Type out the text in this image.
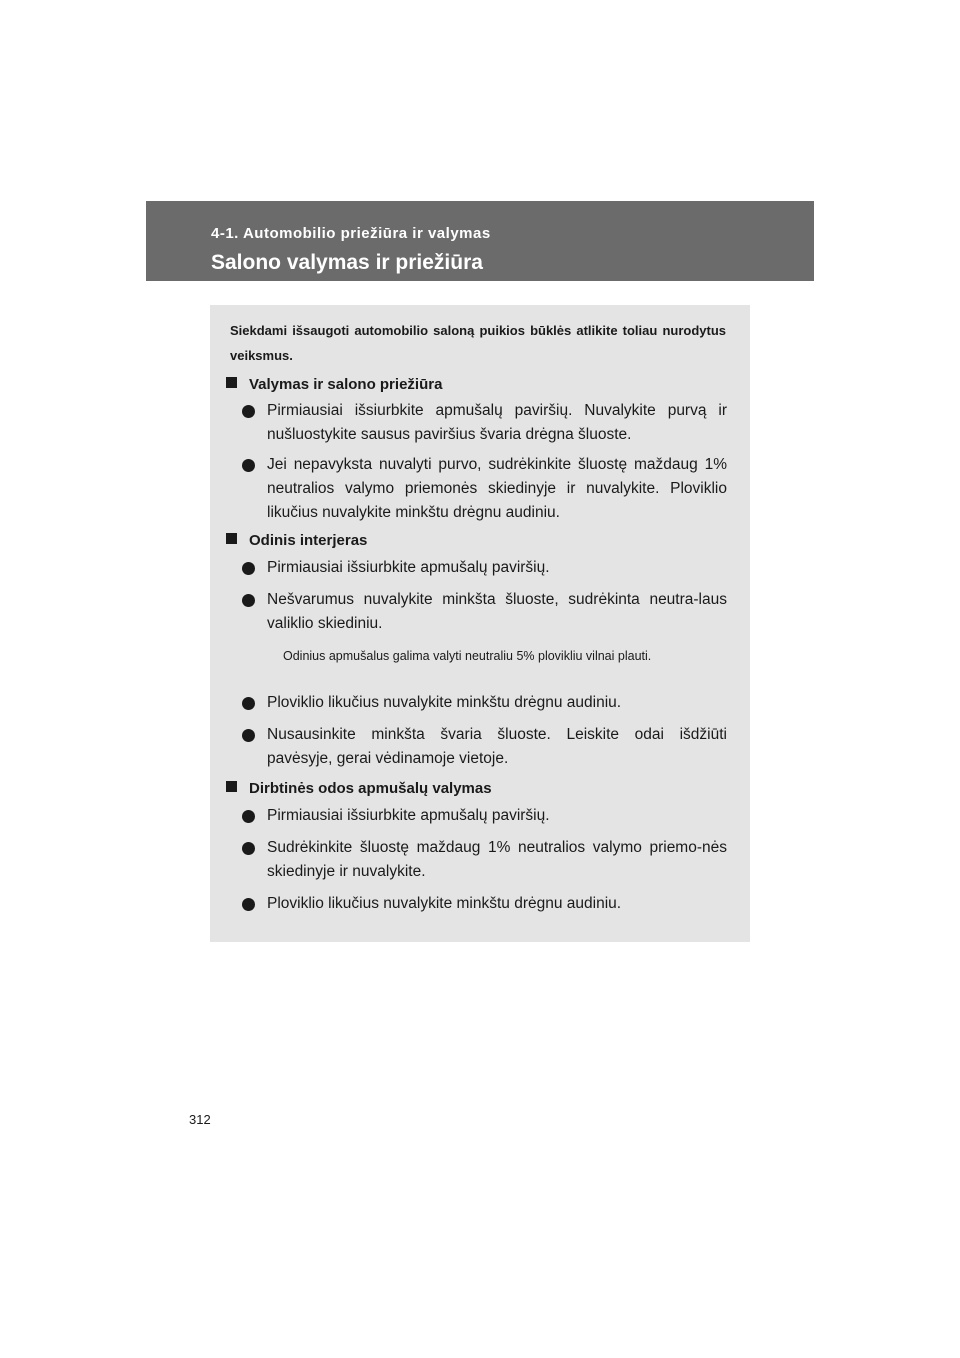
4-1. Automobilio priežiūra ir valymas
Salono valymas ir priežiūra
Siekdami išsaugoti automobilio saloną puikios būklės atlikite toliau nurodytus veiksmus.
Valymas ir salono priežiūra
Pirmiausiai išsiurbkite apmušalų paviršių. Nuvalykite purvą ir nušluostykite sausus paviršius švaria drėgna šluoste.
Jei nepavyksta nuvalyti purvo, sudrėkinkite šluostę maždaug 1% neutralios valymo priemonės skiedinyje ir nuvalykite. Ploviklio likučius nuvalykite minkštu drėgnu audiniu.
Odinis interjeras
Pirmiausiai išsiurbkite apmušalų paviršių.
Nešvarumus nuvalykite minkšta šluoste, sudrėkinta neutra-laus valiklio skiediniu.
Odinius apmušalus galima valyti neutraliu 5% plovikliu vilnai plauti.
Ploviklio likučius nuvalykite minkštu drėgnu audiniu.
Nusausinkite minkšta švaria šluoste. Leiskite odai išdžiūti pavėsyje, gerai vėdinamoje vietoje.
Dirbtinės odos apmušalų valymas
Pirmiausiai išsiurbkite apmušalų paviršių.
Sudrėkinkite šluostę maždaug 1% neutralios valymo priemo-nės skiedinyje ir nuvalykite.
Ploviklio likučius nuvalykite minkštu drėgnu audiniu.
312
